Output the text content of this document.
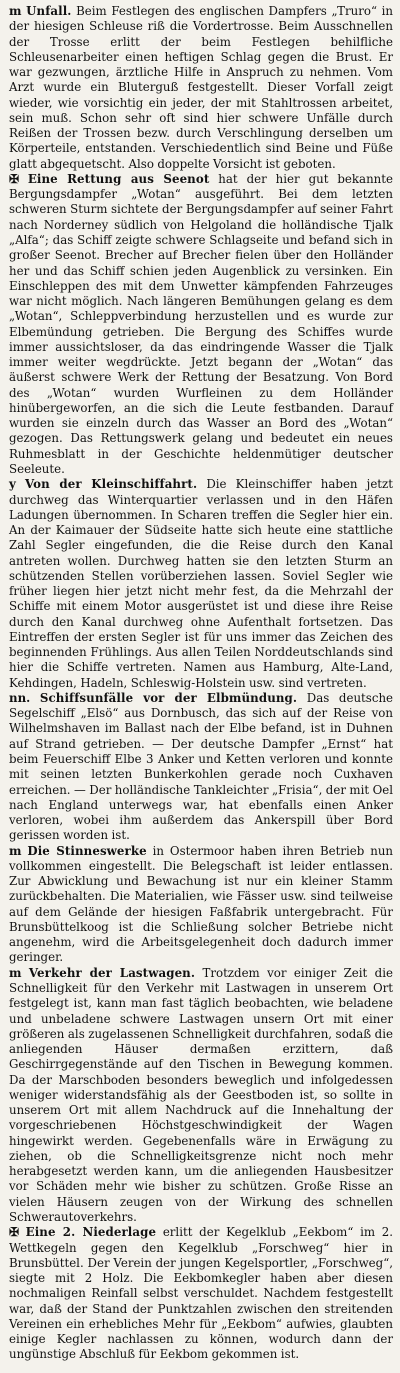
m Unfall. Beim Festlegen des englischen Dampfers „Truro“ in der hiesigen Schleuse riß die Vordertrosse. Beim Ausschnellen der Trosse erlitt der beim Festlegen behilfliche Schleusenarbeiter einen heftigen Schlag gegen die Brust. Er war gezwungen, ärztliche Hilfe in Anspruch zu nehmen. Vom Arzt wurde ein Bluterguß festgestellt. Dieser Vorfall zeigt wieder, wie vorsichtig ein jeder, der mit Stahltrossen arbeitet, sein muß. Schon sehr oft sind hier schwere Unfälle durch Reißen der Trossen bezw. durch Verschlingung derselben um Körperteile, entstanden. Verschiedentlich sind Beine und Füße glatt abgequetscht. Also doppelte Vorsicht ist geboten.

✠ Eine Rettung aus Seenot hat der hier gut bekannte Bergungsdampfer „Wotan“ ausgeführt. Bei dem letzten schweren Sturm sichtete der Bergungsdampfer auf seiner Fahrt nach Norderney südlich von Helgoland die holländische Tjalk „Alfa“; das Schiff zeigte schwere Schlagseite und befand sich in großer Seenot. Brecher auf Brecher fielen über den Holländer her und das Schiff schien jeden Augenblick zu versinken. Ein Einschleppen des mit dem Unwetter kämpfenden Fahrzeuges war nicht möglich. Nach längeren Bemühungen gelang es dem „Wotan“, Schleppverbindung herzustellen und es wurde zur Elbemündung getrieben. Die Bergung des Schiffes wurde immer aussichtsloser, da das eindringende Wasser die Tjalk immer weiter wegdrückte. Jetzt begann der „Wotan“ das äußerst schwere Werk der Rettung der Besatzung. Von Bord des „Wotan“ wurden Wurfleinen zu dem Holländer hinübergeworfen, an die sich die Leute festbanden. Darauf wurden sie einzeln durch das Wasser an Bord des „Wotan“ gezogen. Das Rettungswerk gelang und bedeutet ein neues Ruhmesblatt in der Geschichte heldenmütiger deutscher Seeleute.

y Von der Kleinschiffahrt. Die Kleinschiffer haben jetzt durchweg das Winterquartier verlassen und in den Häfen Ladungen übernommen. In Scharen treffen die Segler hier ein. An der Kaimauer der Südseite hatte sich heute eine stattliche Zahl Segler eingefunden, die die Reise durch den Kanal antreten wollen. Durchweg hatten sie den letzten Sturm an schützenden Stellen vorüberziehen lassen. Soviel Segler wie früher liegen hier jetzt nicht mehr fest, da die Mehrzahl der Schiffe mit einem Motor ausgerüstet ist und diese ihre Reise durch den Kanal durchweg ohne Aufenthalt fortsetzen. Das Eintreffen der ersten Segler ist für uns immer das Zeichen des beginnenden Frühlings. Aus allen Teilen Norddeutschlands sind hier die Schiffe vertreten. Namen aus Hamburg, Alte-Land, Kehdingen, Hadeln, Schleswig-Holstein usw. sind vertreten.

nn. Schiffsunfälle vor der Elbmündung. Das deutsche Segelschiff „Elsö“ aus Dornbusch, das sich auf der Reise von Wilhelmshaven im Ballast nach der Elbe befand, ist in Duhnen auf Strand getrieben. — Der deutsche Dampfer „Ernst“ hat beim Feuerschiff Elbe 3 Anker und Ketten verloren und konnte mit seinen letzten Bunkerkohlen gerade noch Cuxhaven erreichen. — Der holländische Tankleichter „Frisia“, der mit Oel nach England unterwegs war, hat ebenfalls einen Anker verloren, wobei ihm außerdem das Ankerspill über Bord gerissen worden ist.

m Die Stinneswerke in Ostermoor haben ihren Betrieb nun vollkommen eingestellt. Die Belegschaft ist leider entlassen. Zur Abwicklung und Bewachung ist nur ein kleiner Stamm zurückbehalten. Die Materialien, wie Fässer usw. sind teilweise auf dem Gelände der hiesigen Faßfabrik untergebracht. Für Brunsbüttelkoog ist die Schließung solcher Betriebe nicht angenehm, wird die Arbeitsgelegenheit doch dadurch immer geringer.

m Verkehr der Lastwagen. Trotzdem vor einiger Zeit die Schnelligkeit für den Verkehr mit Lastwagen in unserem Ort festgelegt ist, kann man fast täglich beobachten, wie beladene und unbeladene schwere Lastwagen unsern Ort mit einer größeren als zugelassenen Schnelligkeit durchfahren, sodaß die anliegenden Häuser dermaßen erzittern, daß Geschirrgegenstände auf den Tischen in Bewegung kommen. Da der Marschboden besonders beweglich und infolgedessen weniger widerstandsfähig als der Geestboden ist, so sollte in unserem Ort mit allem Nachdruck auf die Innehaltung der vorgeschriebenen Höchstgeschwindigkeit der Wagen hingewirkt werden. Gegebenenfalls wäre in Erwägung zu ziehen, ob die Schnelligkeitsgrenze nicht noch mehr herabgesetzt werden kann, um die anliegenden Hausbesitzer vor Schäden mehr wie bisher zu schützen. Große Risse an vielen Häusern zeugen von der Wirkung des schnellen Schwerautoverkehrs.

✠ Eine 2. Niederlage erlitt der Kegelklub „Eekbom“ im 2. Wettkegeln gegen den Kegelklub „Forschweg“ hier in Brunsbüttel. Der Verein der jungen Kegelsportler, „Forschweg“, siegte mit 2 Holz. Die Eekbomkegler haben aber diesen nochmaligen Reinfall selbst verschuldet. Nachdem festgestellt war, daß der Stand der Punktzahlen zwischen den streitenden Vereinen ein erhebliches Mehr für „Eekbom“ aufwies, glaubten einige Kegler nachlassen zu können, wodurch dann der ungünstige Abschluß für Eekbom gekommen ist.
